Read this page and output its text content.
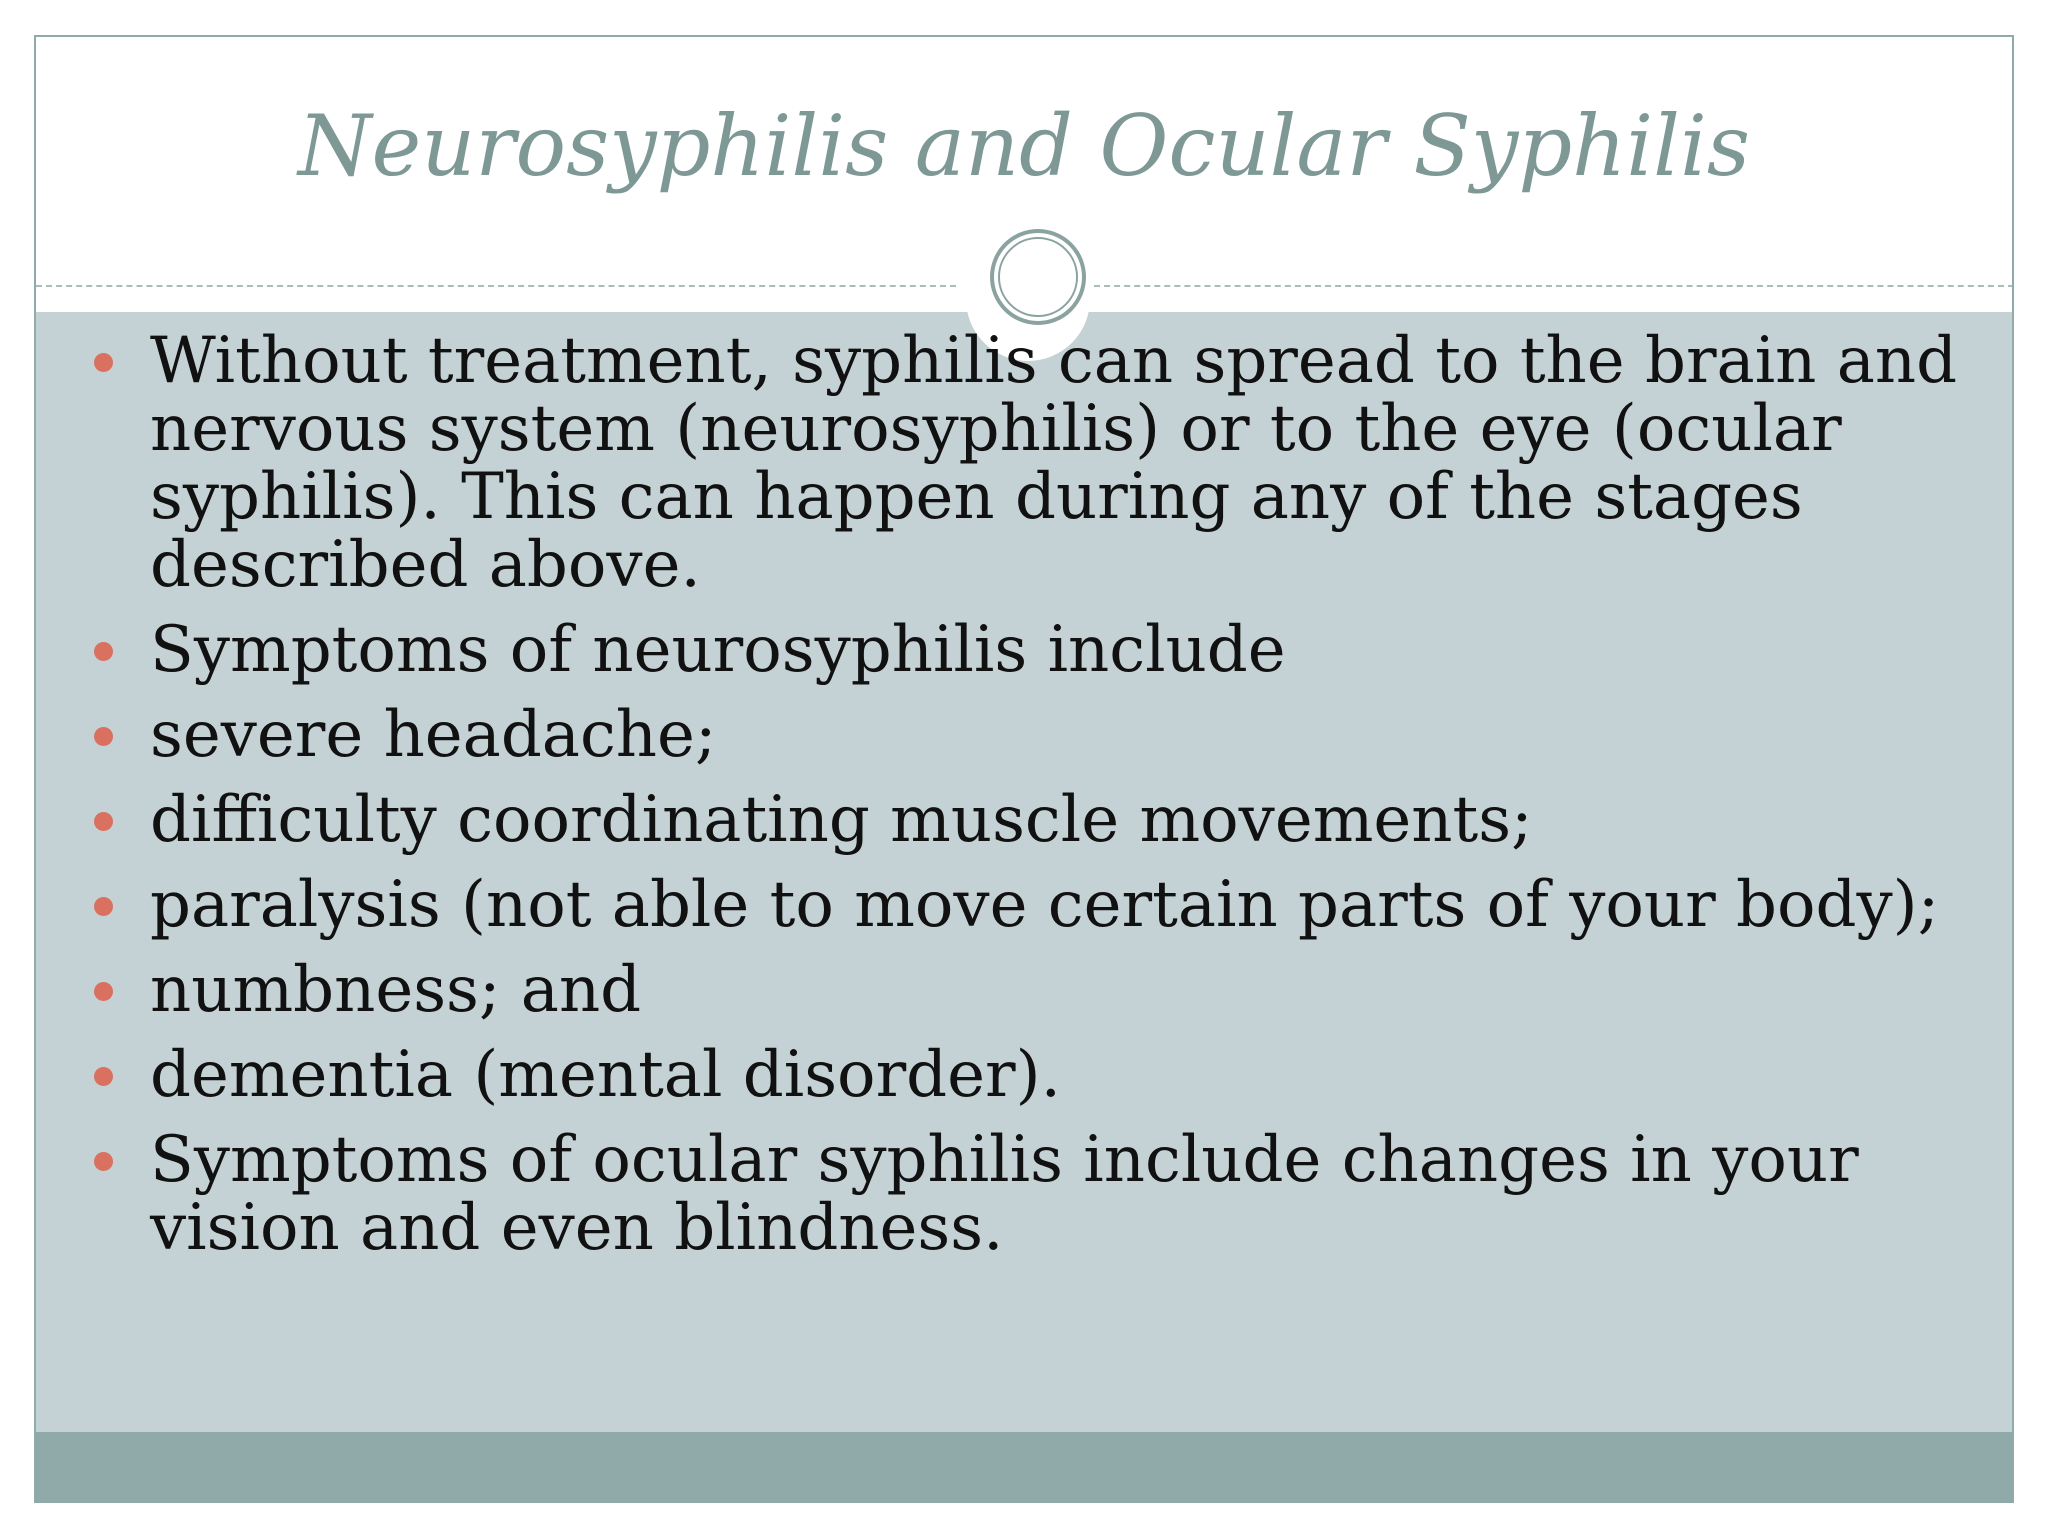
Neurosyphilis and Ocular Syphilis
Without treatment, syphilis can spread to the brain and nervous system (neurosyphilis) or to the eye (ocular syphilis). This can happen during any of the stages described above.
Symptoms of neurosyphilis include
severe headache;
difficulty coordinating muscle movements;
paralysis (not able to move certain parts of your body);
numbness; and
dementia (mental disorder).
Symptoms of ocular syphilis include changes in your vision and even blindness.
